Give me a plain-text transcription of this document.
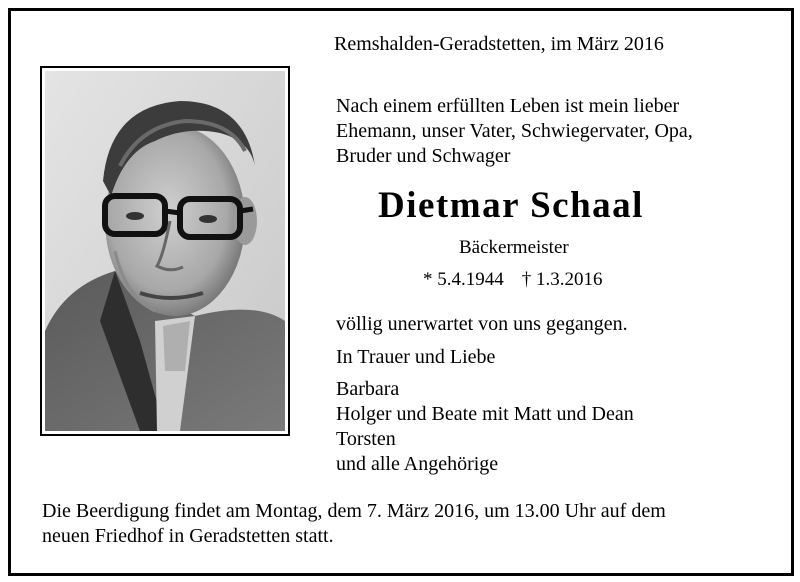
Remshalden-Geradstetten, im März 2016
Nach einem erfüllten Leben ist mein lieber
Ehemann, unser Vater, Schwiegervater, Opa,
Bruder und Schwager
Dietmar Schaal
Bäckermeister
* 5.4.1944 † 1.3.2016
völlig unerwartet von uns gegangen.
In Trauer und Liebe
Barbara
Holger und Beate mit Matt und Dean
Torsten
und alle Angehörige
Die Beerdigung findet am Montag, dem 7. März 2016, um 13.00 Uhr auf dem
neuen Friedhof in Geradstetten statt.
